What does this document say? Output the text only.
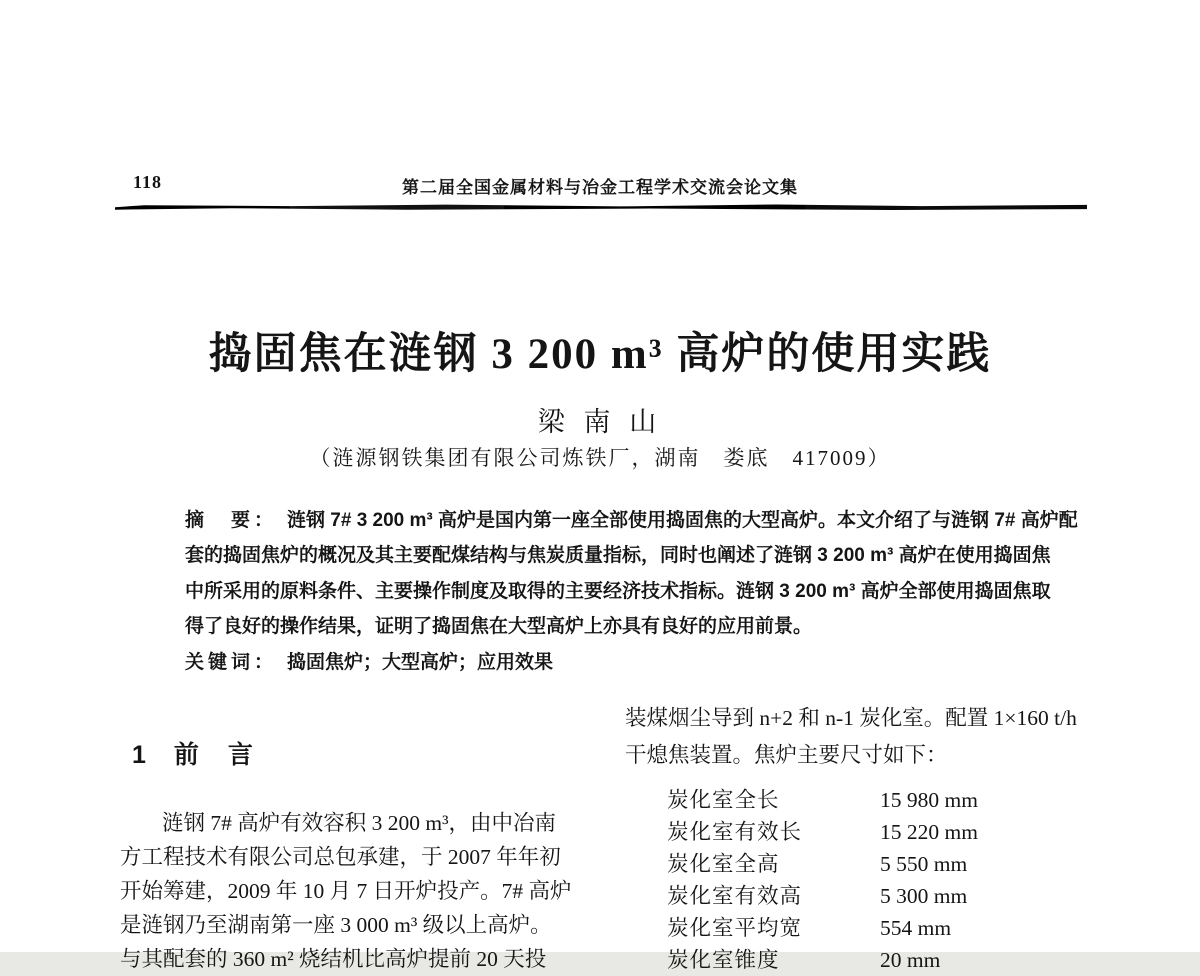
118	第二届全国金属材料与冶金工程学术交流会论文集
捣固焦在涟钢 3 200 m³ 高炉的使用实践
梁 南 山
（涟源钢铁集团有限公司炼铁厂，湖南　娄底　417009）
摘　要： 涟钢 7# 3 200 m³ 高炉是国内第一座全部使用捣固焦的大型高炉。本文介绍了与涟钢 7# 高炉配
套的捣固焦炉的概况及其主要配煤结构与焦炭质量指标，同时也阐述了涟钢 3 200 m³ 高炉在使用捣固焦
中所采用的原料条件、主要操作制度及取得的主要经济技术指标。涟钢 3 200 m³ 高炉全部使用捣固焦取
得了良好的操作结果，证明了捣固焦在大型高炉上亦具有良好的应用前景。
关键词： 捣固焦炉；大型高炉；应用效果
1 前　言
涟钢 7# 高炉有效容积 3 200 m³，由中冶南
方工程技术有限公司总包承建，于 2007 年年初
开始筹建，2009 年 10 月 7 日开炉投产。7# 高炉
是涟钢乃至湖南第一座 3 000 m³ 级以上高炉。
与其配套的 360 m² 烧结机比高炉提前 20 天投
装煤烟尘导到 n+2 和 n-1 炭化室。配置 1×160 t/h
干熄焦装置。焦炉主要尺寸如下：
炭化室全长	15 980 mm
炭化室有效长	15 220 mm
炭化室全高	5 550 mm
炭化室有效高	5 300 mm
炭化室平均宽	554 mm
炭化室锥度	20 mm
